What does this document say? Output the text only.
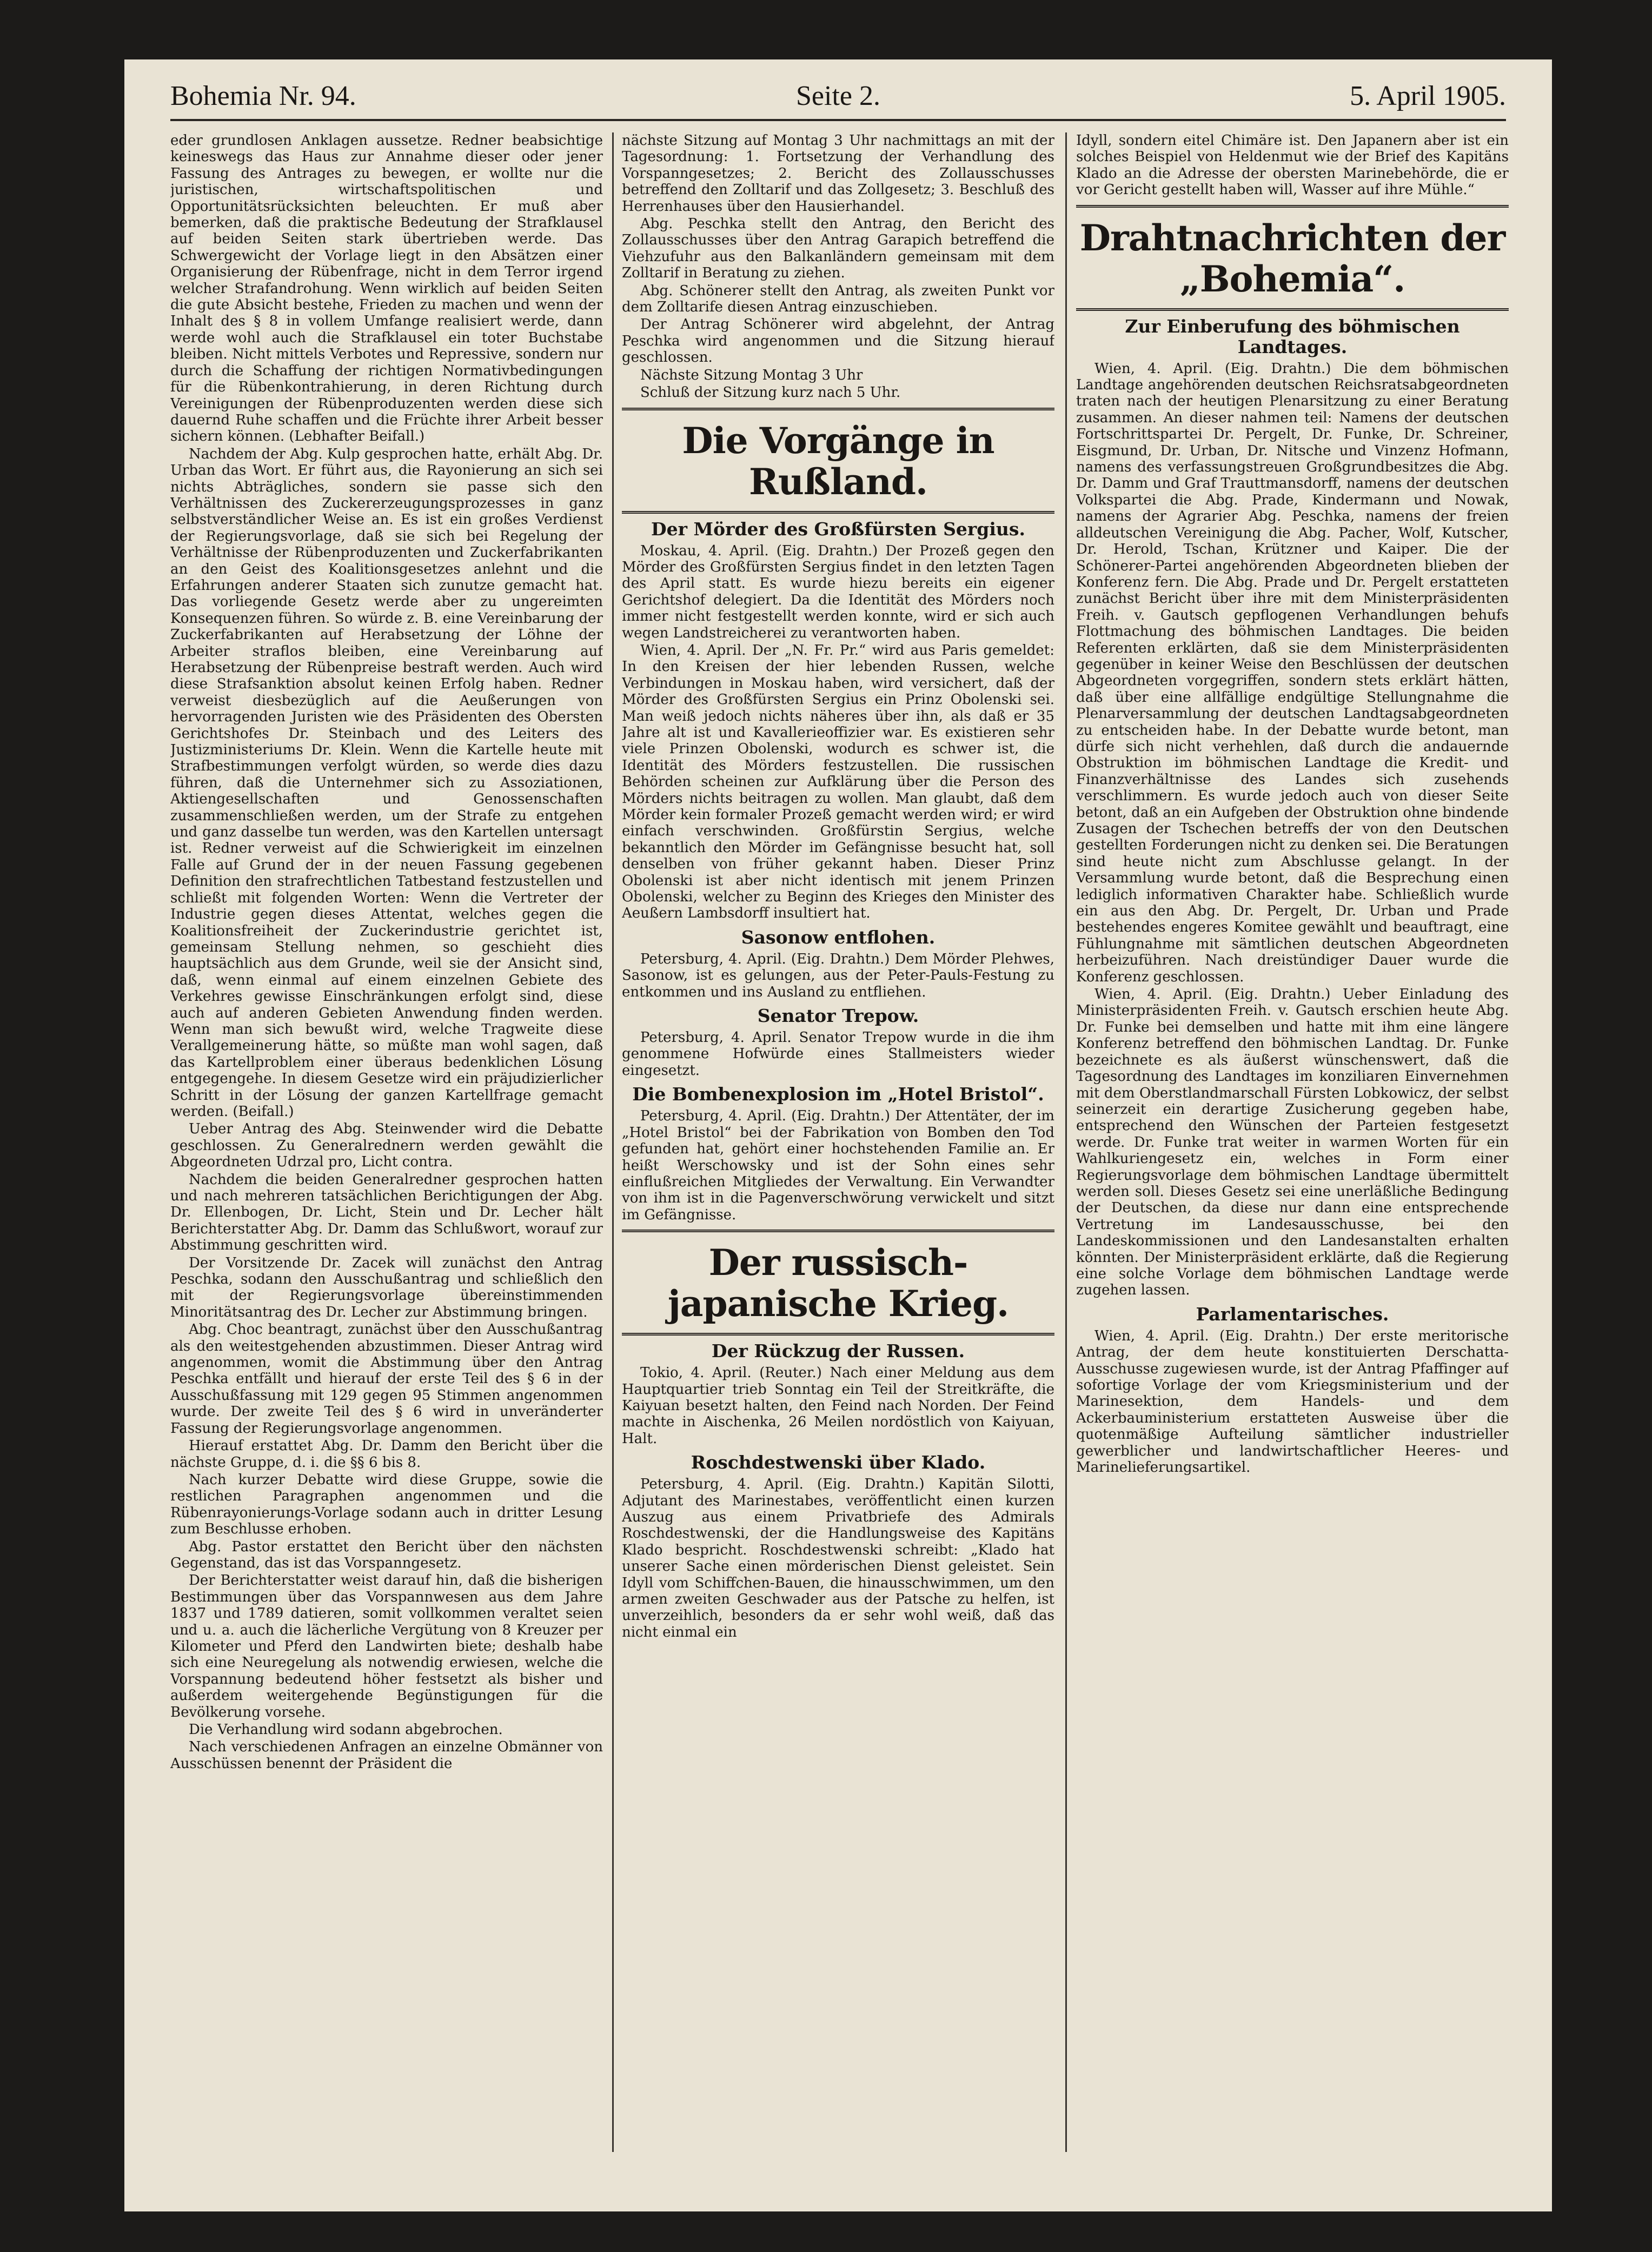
Bohemia Nr. 94.	Seite 2.	5. April 1905.

eder grundlosen Anklagen aussetze. Redner beabsichtige keineswegs das Haus zur Annahme dieser oder jener Fassung des Antrages zu bewegen, er wollte nur die juristischen, wirtschaftspolitischen und Opportunitätsrücksichten beleuchten. Er muß aber bemerken, daß die praktische Bedeutung der Strafklausel auf beiden Seiten stark übertrieben werde. Das Schwergewicht der Vorlage liegt in den Absätzen einer Organisierung der Rübenfrage, nicht in dem Terror irgend welcher Strafandrohung. Wenn wirklich auf beiden Seiten die gute Absicht bestehe, Frieden zu machen und wenn der Inhalt des § 8 in vollem Umfange realisiert werde, dann werde wohl auch die Strafklausel ein toter Buchstabe bleiben. Nicht mittels Verbotes und Repressive, sondern nur durch die Schaffung der richtigen Normativbedingungen für die Rübenkontrahierung, in deren Richtung durch Vereinigungen der Rübenproduzenten werden diese sich dauernd Ruhe schaffen und die Früchte ihrer Arbeit besser sichern können. (Lebhafter Beifall.)

Nachdem der Abg. Kulp gesprochen hatte, erhält Abg. Dr. Urban das Wort. Er führt aus, die Rayonierung an sich sei nichts Abträgliches, sondern sie passe sich den Verhältnissen des Zuckererzeugungsprozesses in ganz selbstverständlicher Weise an. Es ist ein großes Verdienst der Regierungsvorlage, daß sie sich bei Regelung der Verhältnisse der Rübenproduzenten und Zuckerfabrikanten an den Geist des Koalitionsgesetzes anlehnt und die Erfahrungen anderer Staaten sich zunutze gemacht hat. Das vorliegende Gesetz werde aber zu ungereimten Konsequenzen führen. So würde z. B. eine Vereinbarung der Zuckerfabrikanten auf Herabsetzung der Löhne der Arbeiter straflos bleiben, eine Vereinbarung auf Herabsetzung der Rübenpreise bestraft werden. Auch wird diese Strafsanktion absolut keinen Erfolg haben. Redner verweist diesbezüglich auf die Aeußerungen von hervorragenden Juristen wie des Präsidenten des Obersten Gerichtshofes Dr. Steinbach und des Leiters des Justizministeriums Dr. Klein. Wenn die Kartelle heute mit Strafbestimmungen verfolgt würden, so werde dies dazu führen, daß die Unternehmer sich zu Assoziationen, Aktiengesellschaften und Genossenschaften zusammenschließen werden, um der Strafe zu entgehen und ganz dasselbe tun werden, was den Kartellen untersagt ist. Redner verweist auf die Schwierigkeit im einzelnen Falle auf Grund der in der neuen Fassung gegebenen Definition den strafrechtlichen Tatbestand festzustellen und schließt mit folgenden Worten: Wenn die Vertreter der Industrie gegen dieses Attentat, welches gegen die Koalitionsfreiheit der Zuckerindustrie gerichtet ist, gemeinsam Stellung nehmen, so geschieht dies hauptsächlich aus dem Grunde, weil sie der Ansicht sind, daß, wenn einmal auf einem einzelnen Gebiete des Verkehres gewisse Einschränkungen erfolgt sind, diese auch auf anderen Gebieten Anwendung finden werden. Wenn man sich bewußt wird, welche Tragweite diese Verallgemeinerung hätte, so müßte man wohl sagen, daß das Kartellproblem einer überaus bedenklichen Lösung entgegengehe. In diesem Gesetze wird ein präjudizierlicher Schritt in der Lösung der ganzen Kartellfrage gemacht werden. (Beifall.)

Ueber Antrag des Abg. Steinwender wird die Debatte geschlossen. Zu Generalrednern werden gewählt die Abgeordneten Udrzal pro, Licht contra.

Nachdem die beiden Generalredner gesprochen hatten und nach mehreren tatsächlichen Berichtigungen der Abg. Dr. Ellenbogen, Dr. Licht, Stein und Dr. Lecher hält Berichterstatter Abg. Dr. Damm das Schlußwort, worauf zur Abstimmung geschritten wird.

Der Vorsitzende Dr. Zacek will zunächst den Antrag Peschka, sodann den Ausschußantrag und schließlich den mit der Regierungsvorlage übereinstimmenden Minoritätsantrag des Dr. Lecher zur Abstimmung bringen.

Abg. Choc beantragt, zunächst über den Ausschußantrag als den weitestgehenden abzustimmen. Dieser Antrag wird angenommen, womit die Abstimmung über den Antrag Peschka entfällt und hierauf der erste Teil des § 6 in der Ausschußfassung mit 129 gegen 95 Stimmen angenommen wurde. Der zweite Teil des § 6 wird in unveränderter Fassung der Regierungsvorlage angenommen.

Hierauf erstattet Abg. Dr. Damm den Bericht über die nächste Gruppe, d. i. die §§ 6 bis 8.

Nach kurzer Debatte wird diese Gruppe, sowie die restlichen Paragraphen angenommen und die Rübenrayonierungs-Vorlage sodann auch in dritter Lesung zum Beschlusse erhoben.

Abg. Pastor erstattet den Bericht über den nächsten Gegenstand, das ist das Vorspanngesetz.

Der Berichterstatter weist darauf hin, daß die bisherigen Bestimmungen über das Vorspannwesen aus dem Jahre 1837 und 1789 datieren, somit vollkommen veraltet seien und u. a. auch die lächerliche Vergütung von 8 Kreuzer per Kilometer und Pferd den Landwirten biete; deshalb habe sich eine Neuregelung als notwendig erwiesen, welche die Vorspannung bedeutend höher festsetzt als bisher und außerdem weitergehende Begünstigungen für die Bevölkerung vorsehe.

Die Verhandlung wird sodann abgebrochen.

Nach verschiedenen Anfragen an einzelne Obmänner von Ausschüssen benennt der Präsident die

nächste Sitzung auf Montag 3 Uhr nachmittags an mit der Tagesordnung: 1. Fortsetzung der Verhandlung des Vorspanngesetzes; 2. Bericht des Zollausschusses betreffend den Zolltarif und das Zollgesetz; 3. Beschluß des Herrenhauses über den Hausierhandel.

Abg. Peschka stellt den Antrag, den Bericht des Zollausschusses über den Antrag Garapich betreffend die Viehzufuhr aus den Balkanländern gemeinsam mit dem Zolltarif in Beratung zu ziehen.

Abg. Schönerer stellt den Antrag, als zweiten Punkt vor dem Zolltarife diesen Antrag einzuschieben.

Der Antrag Schönerer wird abgelehnt, der Antrag Peschka wird angenommen und die Sitzung hierauf geschlossen.

Nächste Sitzung Montag 3 Uhr

Schluß der Sitzung kurz nach 5 Uhr.

Die Vorgänge in Rußland.
Der Mörder des Großfürsten Sergius.

Moskau, 4. April. (Eig. Drahtn.) Der Prozeß gegen den Mörder des Großfürsten Sergius findet in den letzten Tagen des April statt. Es wurde hiezu bereits ein eigener Gerichtshof delegiert. Da die Identität des Mörders noch immer nicht festgestellt werden konnte, wird er sich auch wegen Landstreicherei zu verantworten haben.

Wien, 4. April. Der „N. Fr. Pr.“ wird aus Paris gemeldet: In den Kreisen der hier lebenden Russen, welche Verbindungen in Moskau haben, wird versichert, daß der Mörder des Großfürsten Sergius ein Prinz Obolenski sei. Man weiß jedoch nichts näheres über ihn, als daß er 35 Jahre alt ist und Kavallerieoffizier war. Es existieren sehr viele Prinzen Obolenski, wodurch es schwer ist, die Identität des Mörders festzustellen. Die russischen Behörden scheinen zur Aufklärung über die Person des Mörders nichts beitragen zu wollen. Man glaubt, daß dem Mörder kein formaler Prozeß gemacht werden wird; er wird einfach verschwinden. Großfürstin Sergius, welche bekanntlich den Mörder im Gefängnisse besucht hat, soll denselben von früher gekannt haben. Dieser Prinz Obolenski ist aber nicht identisch mit jenem Prinzen Obolenski, welcher zu Beginn des Krieges den Minister des Aeußern Lambsdorff insultiert hat.

Sasonow entflohen.

Petersburg, 4. April. (Eig. Drahtn.) Dem Mörder Plehwes, Sasonow, ist es gelungen, aus der Peter-Pauls-Festung zu entkommen und ins Ausland zu entfliehen.

Senator Trepow.

Petersburg, 4. April. Senator Trepow wurde in die ihm genommene Hofwürde eines Stallmeisters wieder eingesetzt.

Die Bombenexplosion im „Hotel Bristol“.

Petersburg, 4. April. (Eig. Drahtn.) Der Attentäter, der im „Hotel Bristol“ bei der Fabrikation von Bomben den Tod gefunden hat, gehört einer hochstehenden Familie an. Er heißt Werschowsky und ist der Sohn eines sehr einflußreichen Mitgliedes der Verwaltung. Ein Verwandter von ihm ist in die Pagenverschwörung verwickelt und sitzt im Gefängnisse.

Der russisch-japanische Krieg.
Der Rückzug der Russen.

Tokio, 4. April. (Reuter.) Nach einer Meldung aus dem Hauptquartier trieb Sonntag ein Teil der Streitkräfte, die Kaiyuan besetzt halten, den Feind nach Norden. Der Feind machte in Aischenka, 26 Meilen nordöstlich von Kaiyuan, Halt.

Roschdestwenski über Klado.

Petersburg, 4. April. (Eig. Drahtn.) Kapitän Silotti, Adjutant des Marinestabes, veröffentlicht einen kurzen Auszug aus einem Privatbriefe des Admirals Roschdestwenski, der die Handlungsweise des Kapitäns Klado bespricht. Roschdestwenski schreibt: „Klado hat unserer Sache einen mörderischen Dienst geleistet. Sein Idyll vom Schiffchen-Bauen, die hinausschwimmen, um den armen zweiten Geschwader aus der Patsche zu helfen, ist unverzeihlich, besonders da er sehr wohl weiß, daß das nicht einmal ein

Idyll, sondern eitel Chimäre ist. Den Japanern aber ist ein solches Beispiel von Heldenmut wie der Brief des Kapitäns Klado an die Adresse der obersten Marinebehörde, die er vor Gericht gestellt haben will, Wasser auf ihre Mühle.“

Drahtnachrichten der „Bohemia“.
Zur Einberufung des böhmischen Landtages.

Wien, 4. April. (Eig. Drahtn.) Die dem böhmischen Landtage angehörenden deutschen Reichsratsabgeordneten traten nach der heutigen Plenarsitzung zu einer Beratung zusammen. An dieser nahmen teil: Namens der deutschen Fortschrittspartei Dr. Pergelt, Dr. Funke, Dr. Schreiner, Eisgmund, Dr. Urban, Dr. Nitsche und Vinzenz Hofmann, namens des verfassungstreuen Großgrundbesitzes die Abg. Dr. Damm und Graf Trauttmansdorff, namens der deutschen Volkspartei die Abg. Prade, Kindermann und Nowak, namens der Agrarier Abg. Peschka, namens der freien alldeutschen Vereinigung die Abg. Pacher, Wolf, Kutscher, Dr. Herold, Tschan, Krützner und Kaiper. Die der Schönerer-Partei angehörenden Abgeordneten blieben der Konferenz fern. Die Abg. Prade und Dr. Pergelt erstatteten zunächst Bericht über ihre mit dem Ministerpräsidenten Freih. v. Gautsch gepflogenen Verhandlungen behufs Flottmachung des böhmischen Landtages. Die beiden Referenten erklärten, daß sie dem Ministerpräsidenten gegenüber in keiner Weise den Beschlüssen der deutschen Abgeordneten vorgegriffen, sondern stets erklärt hätten, daß über eine allfällige endgültige Stellungnahme die Plenarversammlung der deutschen Landtagsabgeordneten zu entscheiden habe. In der Debatte wurde betont, man dürfe sich nicht verhehlen, daß durch die andauernde Obstruktion im böhmischen Landtage die Kredit- und Finanzverhältnisse des Landes sich zusehends verschlimmern. Es wurde jedoch auch von dieser Seite betont, daß an ein Aufgeben der Obstruktion ohne bindende Zusagen der Tschechen betreffs der von den Deutschen gestellten Forderungen nicht zu denken sei. Die Beratungen sind heute nicht zum Abschlusse gelangt. In der Versammlung wurde betont, daß die Besprechung einen lediglich informativen Charakter habe. Schließlich wurde ein aus den Abg. Dr. Pergelt, Dr. Urban und Prade bestehendes engeres Komitee gewählt und beauftragt, eine Fühlungnahme mit sämtlichen deutschen Abgeordneten herbeizuführen. Nach dreistündiger Dauer wurde die Konferenz geschlossen.

Wien, 4. April. (Eig. Drahtn.) Ueber Einladung des Ministerpräsidenten Freih. v. Gautsch erschien heute Abg. Dr. Funke bei demselben und hatte mit ihm eine längere Konferenz betreffend den böhmischen Landtag. Dr. Funke bezeichnete es als äußerst wünschenswert, daß die Tagesordnung des Landtages im konziliaren Einvernehmen mit dem Oberstlandmarschall Fürsten Lobkowicz, der selbst seinerzeit ein derartige Zusicherung gegeben habe, entsprechend den Wünschen der Parteien festgesetzt werde. Dr. Funke trat weiter in warmen Worten für ein Wahlkuriengesetz ein, welches in Form einer Regierungsvorlage dem böhmischen Landtage übermittelt werden soll. Dieses Gesetz sei eine unerläßliche Bedingung der Deutschen, da diese nur dann eine entsprechende Vertretung im Landesausschusse, bei den Landeskommissionen und den Landesanstalten erhalten könnten. Der Ministerpräsident erklärte, daß die Regierung eine solche Vorlage dem böhmischen Landtage werde zugehen lassen.

Parlamentarisches.

Wien, 4. April. (Eig. Drahtn.) Der erste meritorische Antrag, der dem heute konstituierten Derschatta-Ausschusse zugewiesen wurde, ist der Antrag Pfaffinger auf sofortige Vorlage der vom Kriegsministerium und der Marinesektion, dem Handels- und dem Ackerbauministerium erstatteten Ausweise über die quotenmäßige Aufteilung sämtlicher industrieller gewerblicher und landwirtschaftlicher Heeres- und Marinelieferungsartikel.
